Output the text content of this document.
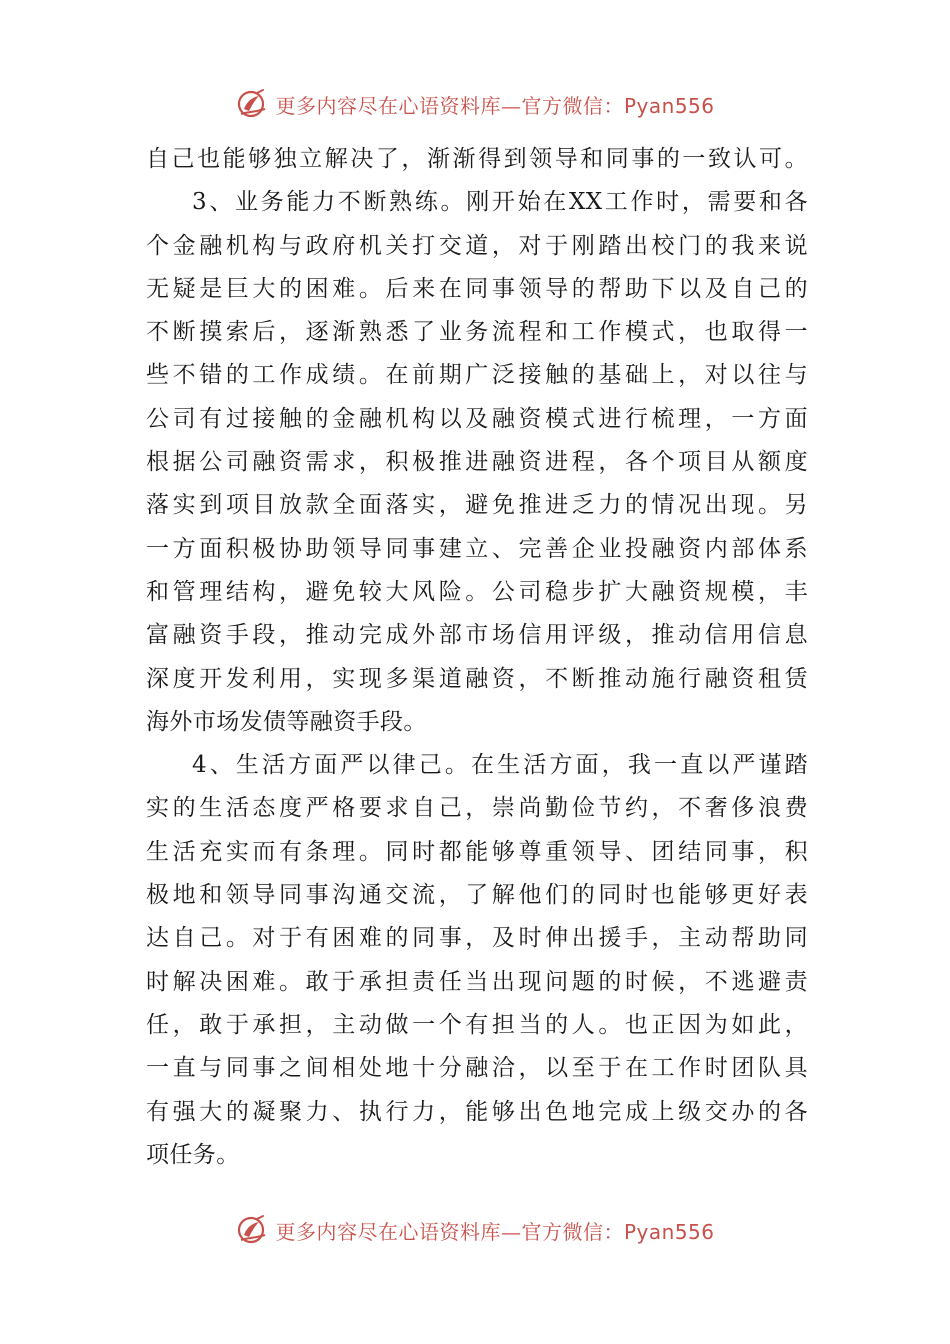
更多内容尽在心语资料库—官方微信：Pyan556
自己也能够独立解决了，渐渐得到领导和同事的一致认可。
3、业务能力不断熟练。刚开始在XX工作时，需要和各
个金融机构与政府机关打交道，对于刚踏出校门的我来说
无疑是巨大的困难。后来在同事领导的帮助下以及自己的
不断摸索后，逐渐熟悉了业务流程和工作模式，也取得一
些不错的工作成绩。在前期广泛接触的基础上，对以往与
公司有过接触的金融机构以及融资模式进行梳理，一方面
根据公司融资需求，积极推进融资进程，各个项目从额度
落实到项目放款全面落实，避免推进乏力的情况出现。另
一方面积极协助领导同事建立、完善企业投融资内部体系
和管理结构，避免较大风险。公司稳步扩大融资规模，丰
富融资手段，推动完成外部市场信用评级，推动信用信息
深度开发利用，实现多渠道融资，不断推动施行融资租赁
海外市场发债等融资手段。
4、生活方面严以律己。在生活方面，我一直以严谨踏
实的生活态度严格要求自己，崇尚勤俭节约，不奢侈浪费
生活充实而有条理。同时都能够尊重领导、团结同事，积
极地和领导同事沟通交流，了解他们的同时也能够更好表
达自己。对于有困难的同事，及时伸出援手，主动帮助同
时解决困难。敢于承担责任当出现问题的时候，不逃避责
任，敢于承担，主动做一个有担当的人。也正因为如此，
一直与同事之间相处地十分融洽，以至于在工作时团队具
有强大的凝聚力、执行力，能够出色地完成上级交办的各
项任务。
更多内容尽在心语资料库—官方微信：Pyan556
